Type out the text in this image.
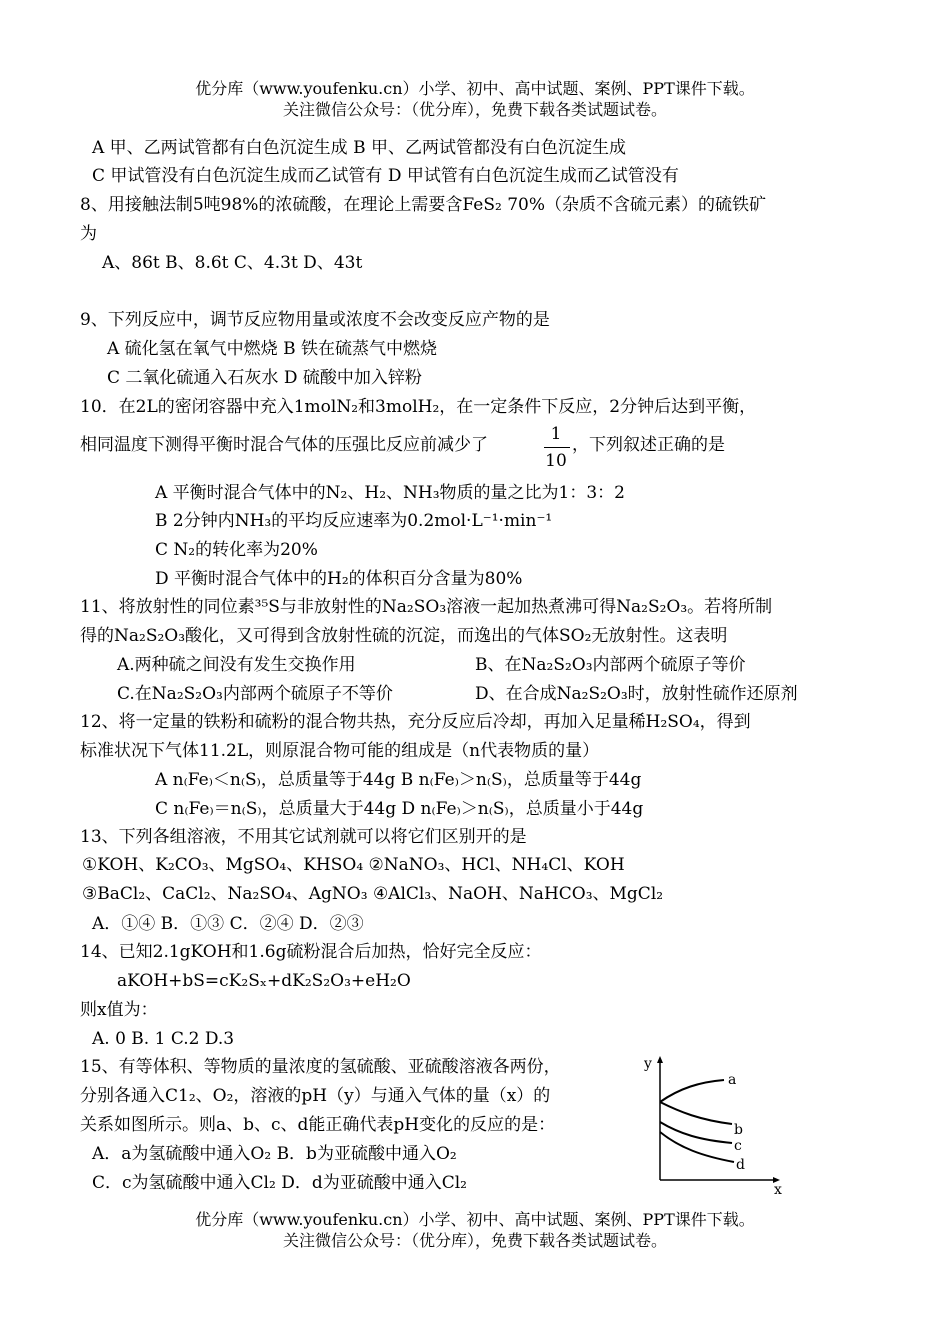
优分库（www.youfenku.cn）小学、初中、高中试题、案例、PPT课件下载。
关注微信公众号：（优分库），免费下载各类试题试卷。
A 甲、乙两试管都有白色沉淀生成 B 甲、乙两试管都没有白色沉淀生成
C 甲试管没有白色沉淀生成而乙试管有 D 甲试管有白色沉淀生成而乙试管没有
8、用接触法制5吨98%的浓硫酸，在理论上需要含FeS₂ 70%（杂质不含硫元素）的硫铁矿
为
A、86t B、8.6t C、4.3t D、43t
9、下列反应中，调节反应物用量或浓度不会改变反应产物的是
A 硫化氢在氧气中燃烧 B 铁在硫蒸气中燃烧
C 二氧化硫通入石灰水 D 硫酸中加入锌粉
10．在2L的密闭容器中充入1molN₂和3molH₂，在一定条件下反应，2分钟后达到平衡，
相同温度下测得平衡时混合气体的压强比反应前减少了
1
10
，下列叙述正确的是
A 平衡时混合气体中的N₂、H₂、NH₃物质的量之比为1：3：2
B 2分钟内NH₃的平均反应速率为0.2mol·L⁻¹·min⁻¹
C N₂的转化率为20%
D 平衡时混合气体中的H₂的体积百分含量为80%
11、将放射性的同位素³⁵S与非放射性的Na₂SO₃溶液一起加热煮沸可得Na₂S₂O₃。若将所制
得的Na₂S₂O₃酸化，又可得到含放射性硫的沉淀，而逸出的气体SO₂无放射性。这表明
A.两种硫之间没有发生交换作用	B、在Na₂S₂O₃内部两个硫原子等价
C.在Na₂S₂O₃内部两个硫原子不等价	D、在合成Na₂S₂O₃时，放射性硫作还原剂
12、将一定量的铁粉和硫粉的混合物共热，充分反应后冷却，再加入足量稀H₂SO₄，得到
标准状况下气体11.2L，则原混合物可能的组成是（n代表物质的量）
A n₍Fe₎＜n₍S₎，总质量等于44g B n₍Fe₎＞n₍S₎，总质量等于44g
C n₍Fe₎＝n₍S₎，总质量大于44g D n₍Fe₎＞n₍S₎，总质量小于44g
13、下列各组溶液，不用其它试剂就可以将它们区别开的是
①KOH、K₂CO₃、MgSO₄、KHSO₄ ②NaNO₃、HCl、NH₄Cl、KOH
③BaCl₂、CaCl₂、Na₂SO₄、AgNO₃ ④AlCl₃、NaOH、NaHCO₃、MgCl₂
A．①④ B．①③ C．②④ D．②③
14、已知2.1gKOH和1.6g硫粉混合后加热，恰好完全反应：
aKOH+bS=cK₂Sₓ+dK₂S₂O₃+eH₂O
则x值为：
A. 0 B. 1 C.2 D.3
15、有等体积、等物质的量浓度的氢硫酸、亚硫酸溶液各两份，
分别各通入C1₂、O₂，溶液的pH（y）与通入气体的量（x）的
关系如图所示。则a、b、c、d能正确代表pH变化的反应的是：
A．a为氢硫酸中通入O₂ B．b为亚硫酸中通入O₂
C．c为氢硫酸中通入Cl₂ D．d为亚硫酸中通入Cl₂
y
x
a
b
c
d
优分库（www.youfenku.cn）小学、初中、高中试题、案例、PPT课件下载。
关注微信公众号：（优分库），免费下载各类试题试卷。
